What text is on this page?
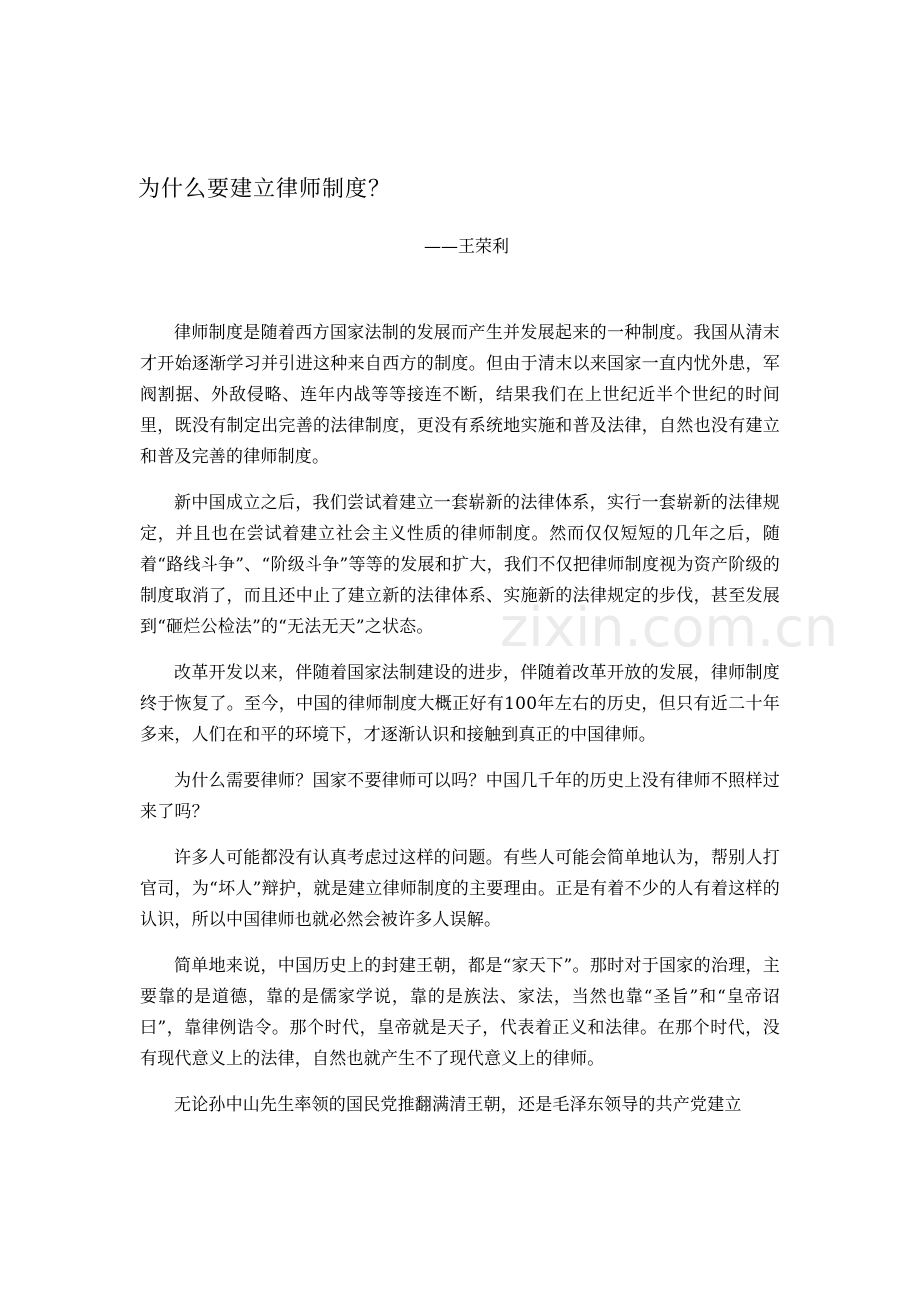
为什么要建立律师制度？
——王荣利

律师制度是随着西方国家法制的发展而产生并发展起来的一种制度。我国从清末才开始逐渐学习并引进这种来自西方的制度。但由于清末以来国家一直内忧外患，军阀割据、外敌侵略、连年内战等等接连不断，结果我们在上世纪近半个世纪的时间里，既没有制定出完善的法律制度，更没有系统地实施和普及法律，自然也没有建立和普及完善的律师制度。

新中国成立之后，我们尝试着建立一套崭新的法律体系，实行一套崭新的法律规定，并且也在尝试着建立社会主义性质的律师制度。然而仅仅短短的几年之后，随着“路线斗争”、“阶级斗争”等等的发展和扩大，我们不仅把律师制度视为资产阶级的制度取消了，而且还中止了建立新的法律体系、实施新的法律规定的步伐，甚至发展到“砸烂公检法”的“无法无天”之状态。

改革开发以来，伴随着国家法制建设的进步，伴随着改革开放的发展，律师制度终于恢复了。至今，中国的律师制度大概正好有100年左右的历史，但只有近二十年多来，人们在和平的环境下，才逐渐认识和接触到真正的中国律师。

为什么需要律师？国家不要律师可以吗？中国几千年的历史上没有律师不照样过来了吗？

许多人可能都没有认真考虑过这样的问题。有些人可能会简单地认为，帮别人打官司，为“坏人”辩护，就是建立律师制度的主要理由。正是有着不少的人有着这样的认识，所以中国律师也就必然会被许多人误解。

简单地来说，中国历史上的封建王朝，都是“家天下”。那时对于国家的治理，主要靠的是道德，靠的是儒家学说，靠的是族法、家法，当然也靠“圣旨”和“皇帝诏曰”，靠律例诰令。那个时代，皇帝就是天子，代表着正义和法律。在那个时代，没有现代意义上的法律，自然也就产生不了现代意义上的律师。

无论孙中山先生率领的国民党推翻满清王朝，还是毛泽东领导的共产党建立

zixin.com.cn
